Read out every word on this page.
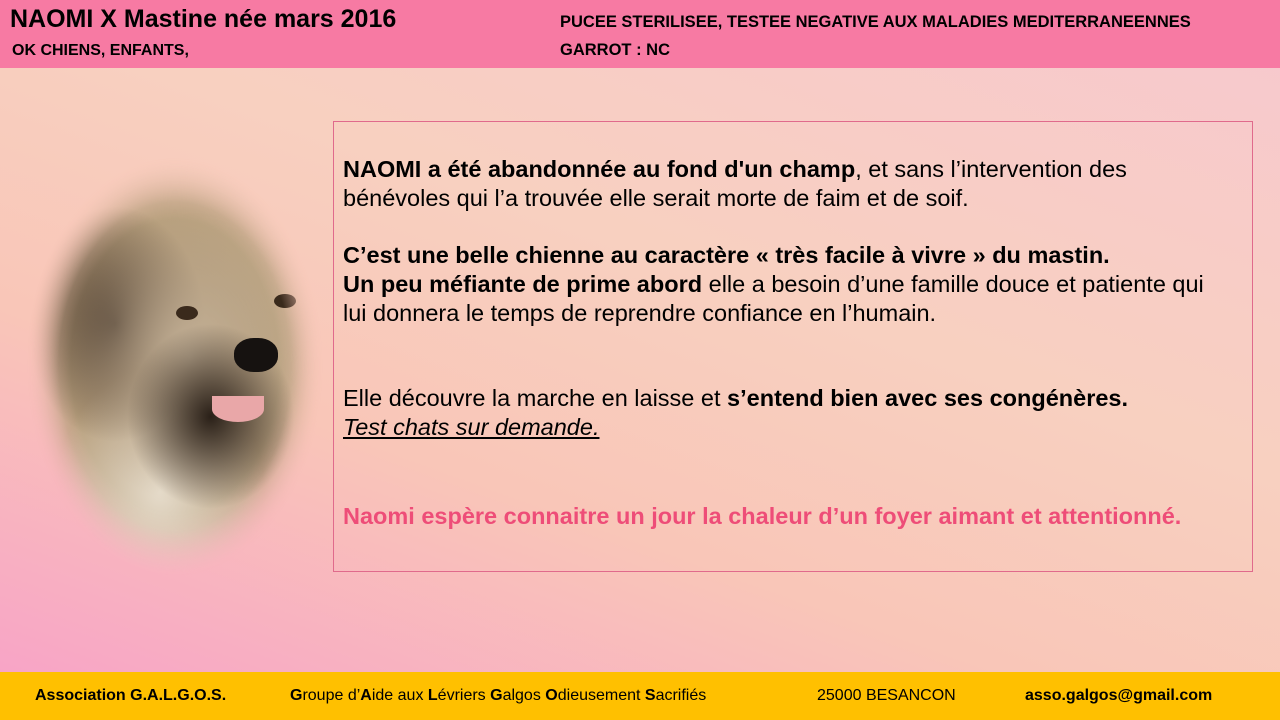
NAOMI X Mastine née mars 2016
OK CHIENS, ENFANTS,
PUCEE STERILISEE, TESTEE NEGATIVE AUX MALADIES MEDITERRANEENNES
GARROT : NC
NAOMI a été abandonnée au fond d'un champ, et sans l’intervention des bénévoles qui l’a trouvée elle serait morte de faim et de soif.
C’est une belle chienne au caractère « très facile à vivre » du mastin.
Un peu méfiante de prime abord elle a besoin d’une famille douce et patiente qui lui donnera le temps de reprendre confiance en l’humain.
Elle découvre la marche en laisse et s’entend bien avec ses congénères.
Test chats sur demande.
Naomi espère connaitre un jour la chaleur d’un foyer aimant et attentionné.
Association G.A.L.G.O.S.	Groupe d’Aide aux Lévriers Galgos Odieusement Sacrifiés	25000 BESANCON	asso.galgos@gmail.com
